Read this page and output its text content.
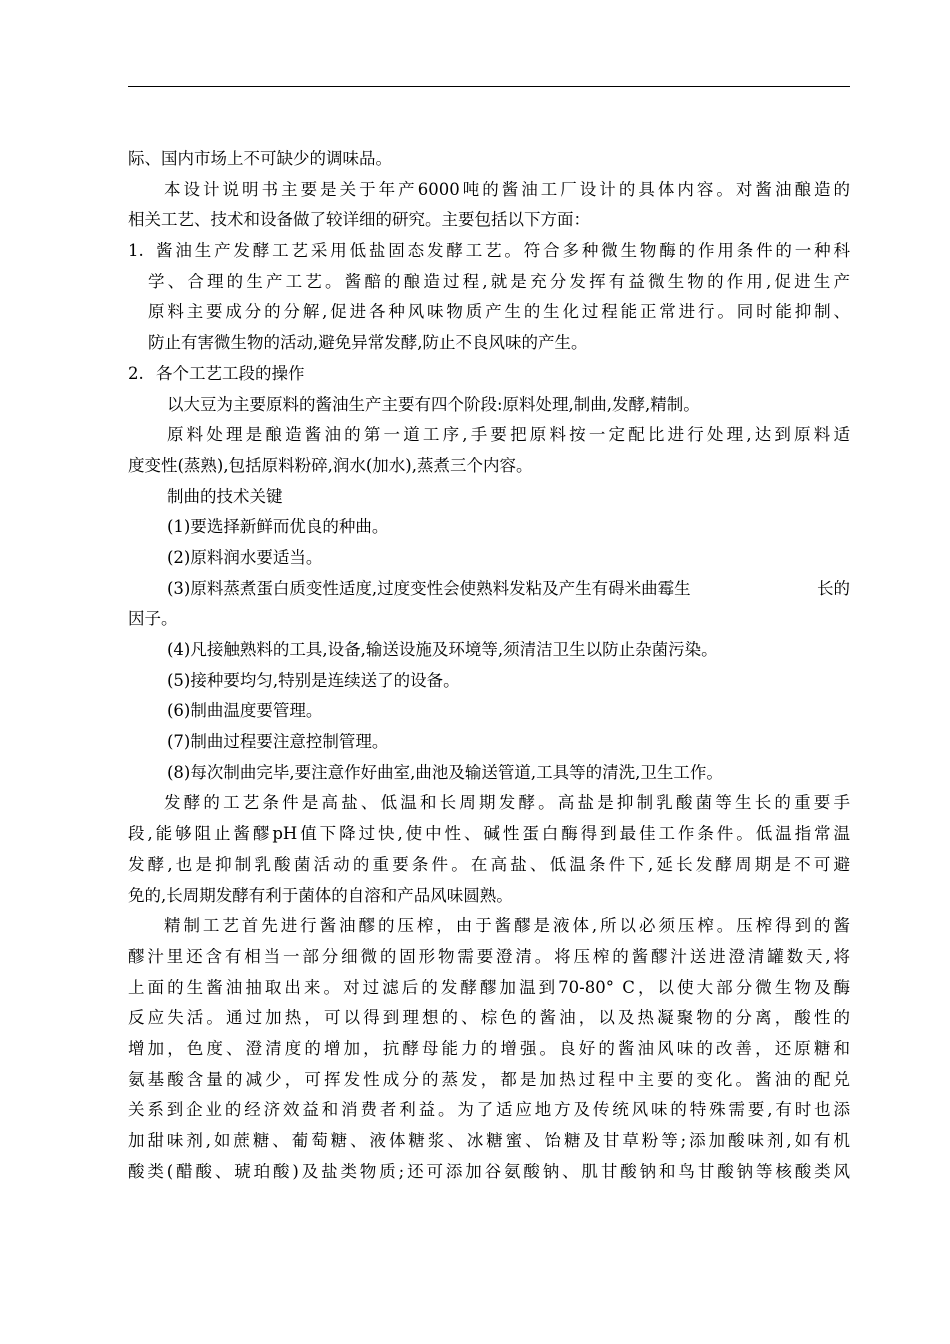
际、国内市场上不可缺少的调味品。
本设计说明书主要是关于年产6000吨的酱油工厂设计的具体内容。对酱油酿造的
相关工艺、技术和设备做了较详细的研究。主要包括以下方面：
1. 酱油生产发酵工艺采用低盐固态发酵工艺。符合多种微生物酶的作用条件的一种科
学、合理的生产工艺。酱醅的酿造过程,就是充分发挥有益微生物的作用,促进生产
原料主要成分的分解,促进各种风味物质产生的生化过程能正常进行。同时能抑制、
防止有害微生物的活动,避免异常发酵,防止不良风味的产生。
2. 各个工艺工段的操作
以大豆为主要原料的酱油生产主要有四个阶段:原料处理,制曲,发酵,精制。
原料处理是酿造酱油的第一道工序,手要把原料按一定配比进行处理,达到原料适
度变性(蒸熟),包括原料粉碎,润水(加水),蒸煮三个内容。
制曲的技术关键
(1)要选择新鲜而优良的种曲。
(2)原料润水要适当。
(3)原料蒸煮蛋白质变性适度,过度变性会使熟料发粘及产生有碍米曲霉生	长的
因子。
(4)凡接触熟料的工具,设备,输送设施及环境等,须清洁卫生以防止杂菌污染。
(5)接种要均匀,特别是连续送了的设备。
(6)制曲温度要管理。
(7)制曲过程要注意控制管理。
(8)每次制曲完毕,要注意作好曲室,曲池及输送管道,工具等的清洗,卫生工作。
发酵的工艺条件是高盐、低温和长周期发酵。高盐是抑制乳酸菌等生长的重要手
段,能够阻止酱醪pH值下降过快,使中性、碱性蛋白酶得到最佳工作条件。低温指常温
发酵,也是抑制乳酸菌活动的重要条件。在高盐、低温条件下,延长发酵周期是不可避
免的,长周期发酵有利于菌体的自溶和产品风味圆熟。
精制工艺首先进行酱油醪的压榨，由于酱醪是液体,所以必须压榨。压榨得到的酱
醪汁里还含有相当一部分细微的固形物需要澄清。将压榨的酱醪汁送进澄清罐数天,将
上面的生酱油抽取出来。对过滤后的发酵醪加温到70-80° C，以使大部分微生物及酶
反应失活。通过加热，可以得到理想的、棕色的酱油，以及热凝聚物的分离，酸性的
增加，色度、澄清度的增加，抗酵母能力的增强。良好的酱油风味的改善，还原糖和
氨基酸含量的减少，可挥发性成分的蒸发，都是加热过程中主要的变化。酱油的配兑
关系到企业的经济效益和消费者利益。为了适应地方及传统风味的特殊需要,有时也添
加甜味剂,如蔗糖、葡萄糖、液体糖浆、冰糖蜜、饴糖及甘草粉等;添加酸味剂,如有机
酸类(醋酸、琥珀酸)及盐类物质;还可添加谷氨酸钠、肌甘酸钠和鸟甘酸钠等核酸类风
